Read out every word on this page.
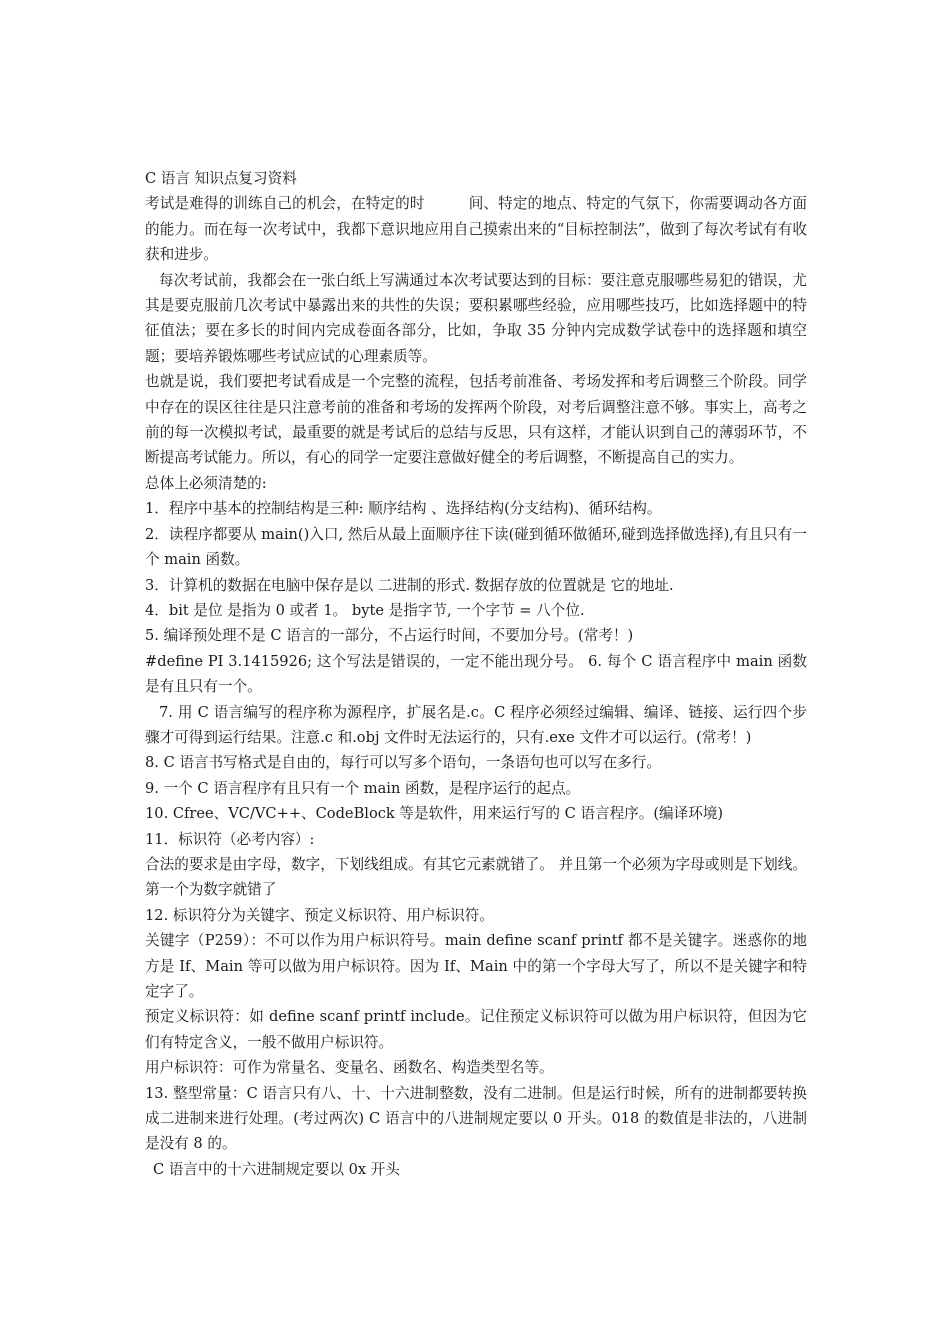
C 语言 知识点复习资料

考试是难得的训练自己的机会，在特定的时　　　间、特定的地点、特定的气氛下，你需要调动各方面的能力。而在每一次考试中，我都下意识地应用自己摸索出来的“目标控制法”，做到了每次考试有有收获和进步。

每次考试前，我都会在一张白纸上写满通过本次考试要达到的目标：要注意克服哪些易犯的错误，尤其是要克服前几次考试中暴露出来的共性的失误；要积累哪些经验，应用哪些技巧，比如选择题中的特征值法；要在多长的时间内完成卷面各部分，比如，争取 35 分钟内完成数学试卷中的选择题和填空题；要培养锻炼哪些考试应试的心理素质等。

也就是说，我们要把考试看成是一个完整的流程，包括考前准备、考场发挥和考后调整三个阶段。同学中存在的误区往往是只注意考前的准备和考场的发挥两个阶段，对考后调整注意不够。事实上，高考之前的每一次模拟考试，最重要的就是考试后的总结与反思，只有这样，才能认识到自己的薄弱环节，不断提高考试能力。所以，有心的同学一定要注意做好健全的考后调整，不断提高自己的实力。

总体上必须清楚的:

1．程序中基本的控制结构是三种: 顺序结构 、选择结构(分支结构)、循环结构。

2．读程序都要从 main()入口, 然后从最上面顺序往下读(碰到循环做循环,碰到选择做选择),有且只有一个 main 函数。

3．计算机的数据在电脑中保存是以 二进制的形式. 数据存放的位置就是 它的地址.

4．bit 是位 是指为 0 或者 1。 byte 是指字节, 一个字节 = 八个位.

5. 编译预处理不是 C 语言的一部分，不占运行时间，不要加分号。(常考！)

#define PI 3.1415926; 这个写法是错误的，一定不能出现分号。 6. 每个 C 语言程序中 main 函数是有且只有一个。

7. 用 C 语言编写的程序称为源程序，扩展名是.c。C 程序必须经过编辑、编译、链接、运行四个步骤才可得到运行结果。注意.c 和.obj 文件时无法运行的，只有.exe 文件才可以运行。(常考！)

8. C 语言书写格式是自由的，每行可以写多个语句，一条语句也可以写在多行。

9. 一个 C 语言程序有且只有一个 main 函数，是程序运行的起点。

10. Cfree、VC/VC++、CodeBlock 等是软件，用来运行写的 C 语言程序。(编译环境)

11．标识符（必考内容）:

合法的要求是由字母，数字，下划线组成。有其它元素就错了。 并且第一个必须为字母或则是下划线。第一个为数字就错了

12. 标识符分为关键字、预定义标识符、用户标识符。

关键字（P259）：不可以作为用户标识符号。main define scanf printf 都不是关键字。迷惑你的地方是 If、Main 等可以做为用户标识符。因为 If、Main 中的第一个字母大写了，所以不是关键字和特定字了。

预定义标识符：如 define scanf printf include。记住预定义标识符可以做为用户标识符，但因为它们有特定含义，一般不做用户标识符。

用户标识符：可作为常量名、变量名、函数名、构造类型名等。

13. 整型常量：C 语言只有八、十、十六进制整数，没有二进制。但是运行时候，所有的进制都要转换成二进制来进行处理。(考过两次) C 语言中的八进制规定要以 0 开头。018 的数值是非法的，八进制是没有 8 的。

C 语言中的十六进制规定要以 0x 开头
